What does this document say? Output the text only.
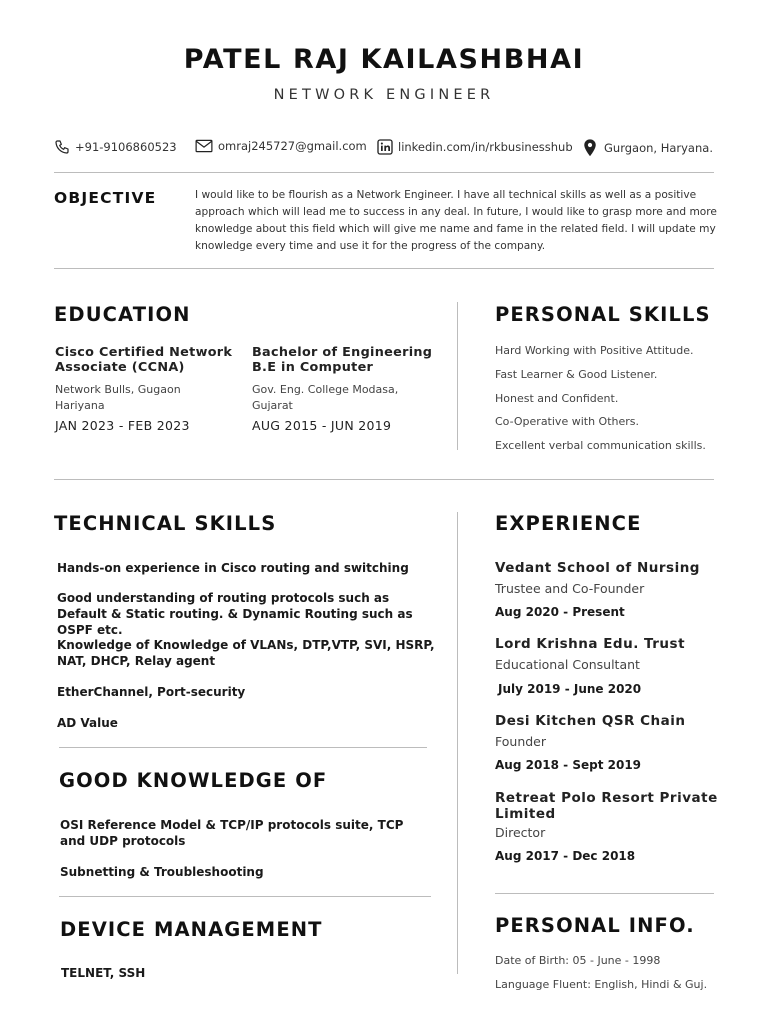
PATEL RAJ KAILASHBHAI
NETWORK ENGINEER
+91-9106860523	omraj245727@gmail.com	linkedin.com/in/rkbusinesshub	Gurgaon, Haryana.
OBJECTIVE	I would like to be flourish as a Network Engineer. I have all technical skills as well as a positive approach which will lead me to success in any deal. In future, I would like to grasp more and more knowledge about this field which will give me name and fame in the related field. I will update my knowledge every time and use it for the progress of the company.
EDUCATION
Cisco Certified Network Associate (CCNA)
Network Bulls, Gugaon Hariyana
JAN 2023 - FEB 2023
Bachelor of Engineering B.E in Computer
Gov. Eng. College Modasa, Gujarat
AUG 2015 - JUN 2019
PERSONAL SKILLS
Hard Working with Positive Attitude.
Fast Learner & Good Listener.
Honest and Confident.
Co-Operative with Others.
Excellent verbal communication skills.
TECHNICAL SKILLS
Hands-on experience in Cisco routing and switching
Good understanding of routing protocols such as Default & Static routing. & Dynamic Routing such as OSPF etc.
Knowledge of Knowledge of VLANs, DTP,VTP, SVI, HSRP, NAT, DHCP, Relay agent
EtherChannel, Port-security
AD Value
GOOD KNOWLEDGE OF
OSI Reference Model & TCP/IP protocols suite, TCP and UDP protocols
Subnetting & Troubleshooting
DEVICE MANAGEMENT
TELNET, SSH
EXPERIENCE
Vedant School of Nursing
Trustee and Co-Founder
Aug 2020 - Present
Lord Krishna Edu. Trust
Educational Consultant
July 2019 - June 2020
Desi Kitchen QSR Chain
Founder
Aug 2018 - Sept 2019
Retreat Polo Resort Private Limited
Director
Aug 2017 - Dec 2018
PERSONAL INFO.
Date of Birth: 05 - June - 1998
Language Fluent: English, Hindi & Guj.
